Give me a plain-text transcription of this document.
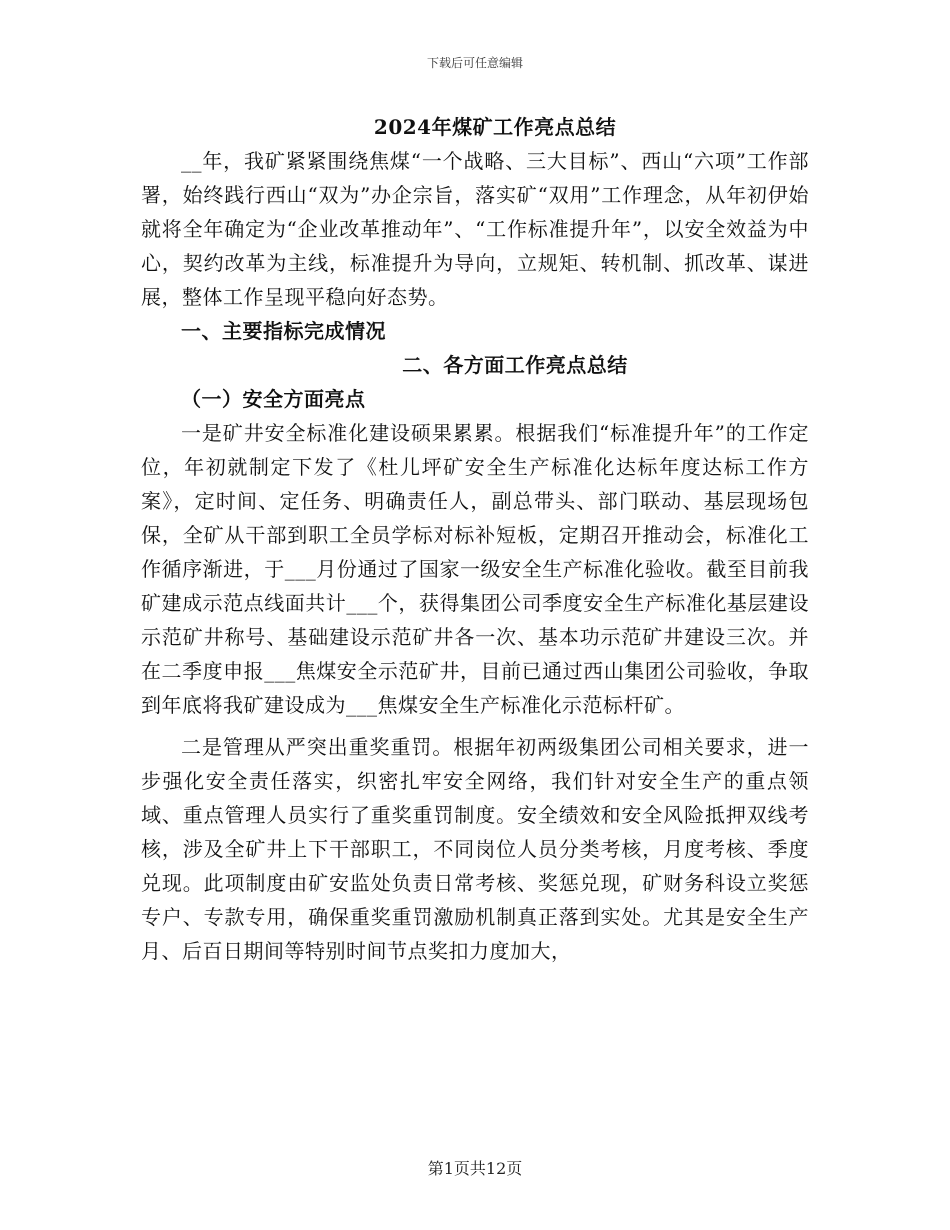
下载后可任意编辑
2024年煤矿工作亮点总结

__年，我矿紧紧围绕焦煤“一个战略、三大目标”、西山“六项”工作部署，始终践行西山“双为”办企宗旨，落实矿“双用”工作理念，从年初伊始就将全年确定为“企业改革推动年”、“工作标准提升年”，以安全效益为中心，契约改革为主线，标准提升为导向，立规矩、转机制、抓改革、谋进展，整体工作呈现平稳向好态势。

一、主要指标完成情况

二、各方面工作亮点总结

（一）安全方面亮点

一是矿井安全标准化建设硕果累累。根据我们“标准提升年”的工作定位，年初就制定下发了《杜儿坪矿安全生产标准化达标年度达标工作方案》，定时间、定任务、明确责任人，副总带头、部门联动、基层现场包保，全矿从干部到职工全员学标对标补短板，定期召开推动会，标准化工作循序渐进，于___月份通过了国家一级安全生产标准化验收。截至目前我矿建成示范点线面共计___个，获得集团公司季度安全生产标准化基层建设示范矿井称号、基础建设示范矿井各一次、基本功示范矿井建设三次。并在二季度申报___焦煤安全示范矿井，目前已通过西山集团公司验收，争取到年底将我矿建设成为___焦煤安全生产标准化示范标杆矿。

二是管理从严突出重奖重罚。根据年初两级集团公司相关要求，进一步强化安全责任落实，织密扎牢安全网络，我们针对安全生产的重点领域、重点管理人员实行了重奖重罚制度。安全绩效和安全风险抵押双线考核，涉及全矿井上下干部职工，不同岗位人员分类考核，月度考核、季度兑现。此项制度由矿安监处负责日常考核、奖惩兑现，矿财务科设立奖惩专户、专款专用，确保重奖重罚激励机制真正落到实处。尤其是安全生产月、后百日期间等特别时间节点奖扣力度加大，

第1页共12页
